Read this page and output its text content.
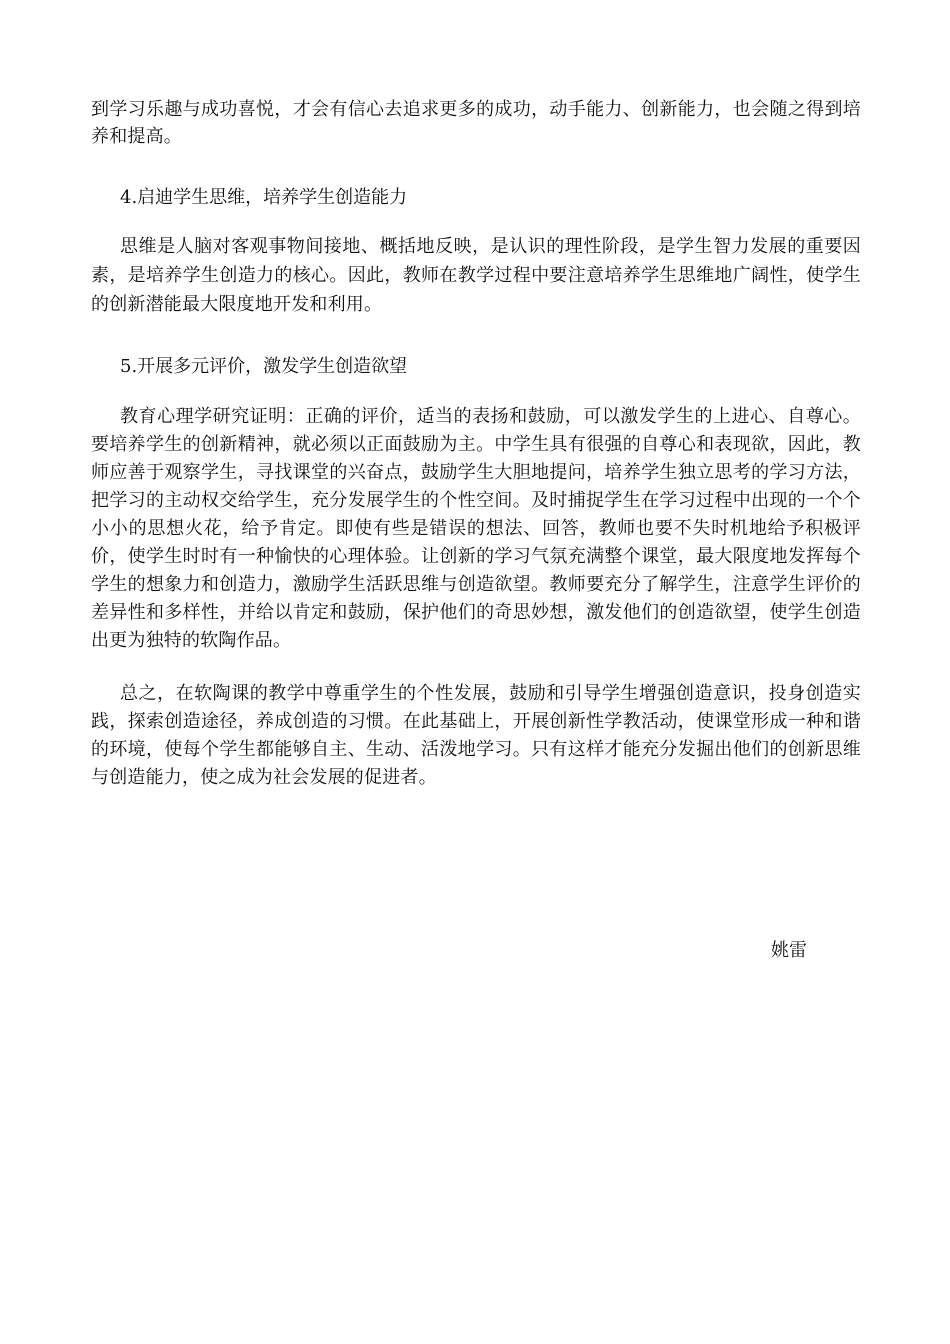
到学习乐趣与成功喜悦，才会有信心去追求更多的成功，动手能力、创新能力，也会随之得到培养和提高。

4.启迪学生思维，培养学生创造能力

思维是人脑对客观事物间接地、概括地反映，是认识的理性阶段，是学生智力发展的重要因素，是培养学生创造力的核心。因此，教师在教学过程中要注意培养学生思维地广阔性，使学生的创新潜能最大限度地开发和利用。

5.开展多元评价，激发学生创造欲望

教育心理学研究证明：正确的评价，适当的表扬和鼓励，可以激发学生的上进心、自尊心。要培养学生的创新精神，就必须以正面鼓励为主。中学生具有很强的自尊心和表现欲，因此，教师应善于观察学生，寻找课堂的兴奋点，鼓励学生大胆地提问，培养学生独立思考的学习方法，把学习的主动权交给学生，充分发展学生的个性空间。及时捕捉学生在学习过程中出现的一个个小小的思想火花，给予肯定。即使有些是错误的想法、回答，教师也要不失时机地给予积极评价，使学生时时有一种愉快的心理体验。让创新的学习气氛充满整个课堂，最大限度地发挥每个学生的想象力和创造力，激励学生活跃思维与创造欲望。教师要充分了解学生，注意学生评价的差异性和多样性，并给以肯定和鼓励，保护他们的奇思妙想，激发他们的创造欲望，使学生创造出更为独特的软陶作品。

总之，在软陶课的教学中尊重学生的个性发展，鼓励和引导学生增强创造意识，投身创造实践，探索创造途径，养成创造的习惯。在此基础上，开展创新性学教活动，使课堂形成一种和谐的环境，使每个学生都能够自主、生动、活泼地学习。只有这样才能充分发掘出他们的创新思维与创造能力，使之成为社会发展的促进者。

姚雷
